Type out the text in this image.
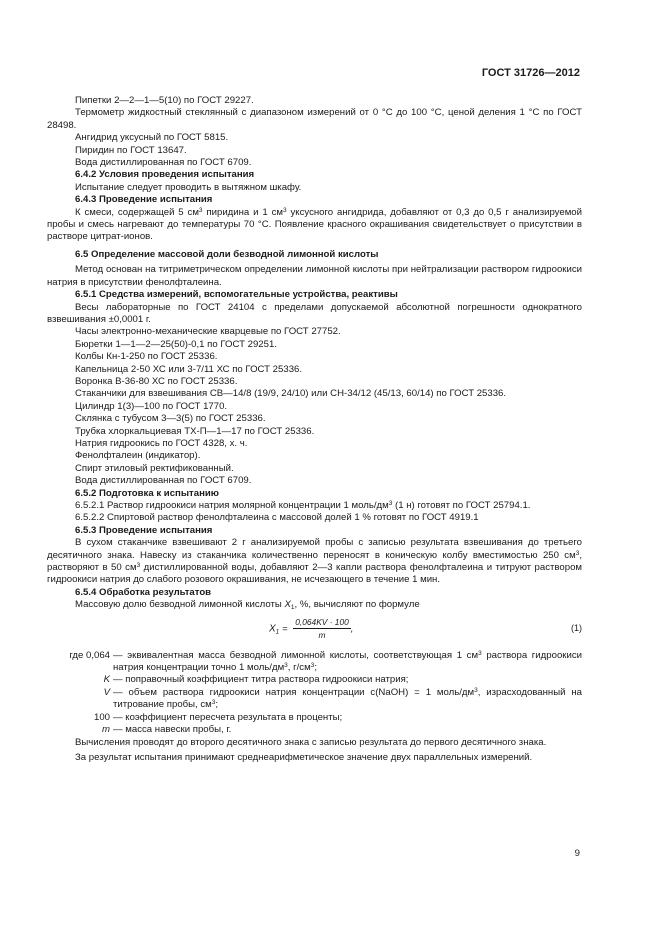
ГОСТ 31726—2012
Пипетки 2—2—1—5(10) по ГОСТ 29227.
Термометр жидкостный стеклянный с диапазоном измерений от 0 °С до 100 °С, ценой деления 1 °С по ГОСТ 28498.
Ангидрид уксусный по ГОСТ 5815.
Пиридин по ГОСТ 13647.
Вода дистиллированная по ГОСТ 6709.
6.4.2 Условия проведения испытания
Испытание следует проводить в вытяжном шкафу.
6.4.3 Проведение испытания
К смеси, содержащей 5 $см^3$ пиридина и 1 $см^3$ уксусного ангидрида, добавляют от 0,3 до 0,5 г анализируемой пробы и смесь нагревают до температуры 70 °С. Появление красного окрашивания свидетельствует о присутствии в растворе цитрат-ионов.
6.5 Определение массовой доли безводной лимонной кислоты
Метод основан на титриметрическом определении лимонной кислоты при нейтрализации раствором гидроокиси натрия в присутствии фенолфталеина.
6.5.1 Средства измерений, вспомогательные устройства, реактивы
Весы лабораторные по ГОСТ 24104 с пределами допускаемой абсолютной погрешности однократного взвешивания ±0,0001 г.
Часы электронно-механические кварцевые по ГОСТ 27752.
Бюретки 1—1—2—25(50)-0,1 по ГОСТ 29251.
Колбы Кн-1-250 по ГОСТ 25336.
Капельница 2-50 ХС или 3-7/11 ХС по ГОСТ 25336.
Воронка В-36-80 ХС по ГОСТ 25336.
Стаканчики для взвешивания СВ—14/8 (19/9, 24/10) или СН-34/12 (45/13, 60/14) по ГОСТ 25336.
Цилиндр 1(3)—100 по ГОСТ 1770.
Склянка с тубусом 3—3(5) по ГОСТ 25336.
Трубка хлоркальциевая ТХ-П—1—17 по ГОСТ 25336.
Натрия гидроокись по ГОСТ 4328, х. ч.
Фенолфталеин (индикатор).
Спирт этиловый ректификованный.
Вода дистиллированная по ГОСТ 6709.
6.5.2 Подготовка к испытанию
6.5.2.1 Раствор гидроокиси натрия молярной концентрации 1 моль/$дм^3$ (1 н) готовят по ГОСТ 25794.1.
6.5.2.2 Спиртовой раствор фенолфталеина с массовой долей 1 % готовят по ГОСТ 4919.1
6.5.3 Проведение испытания
В сухом стаканчике взвешивают 2 г анализируемой пробы с записью результата взвешивания до третьего десятичного знака. Навеску из стаканчика количественно переносят в коническую колбу вместимостью 250 $см^3$, растворяют в 50 $см^3$ дистиллированной воды, добавляют 2—3 капли раствора фенолфталеина и титруют раствором гидроокиси натрия до слабого розового окрашивания, не исчезающего в течение 1 мин.
6.5.4 Обработка результатов
Массовую долю безводной лимонной кислоты $X_1$, %, вычисляют по формуле
$X_1 = \frac{0,064KV \cdot 100}{m}$ ,	(1)
где 0,064 — эквивалентная масса безводной лимонной кислоты, соответствующая 1 $см^3$ раствора гидроокиси натрия концентрации точно 1 моль/$дм^3$, $г/см^3$;
K — поправочный коэффициент титра раствора гидроокиси натрия;
V — объем раствора гидроокиси натрия концентрации с(NaOH) = 1 моль/$дм^3$, израсходованный на титрование пробы, $см^3$;
100 — коэффициент пересчета результата в проценты;
m — масса навески пробы, г.
Вычисления проводят до второго десятичного знака с записью результата до первого десятичного знака.
За результат испытания принимают среднеарифметическое значение двух параллельных измерений.
9
